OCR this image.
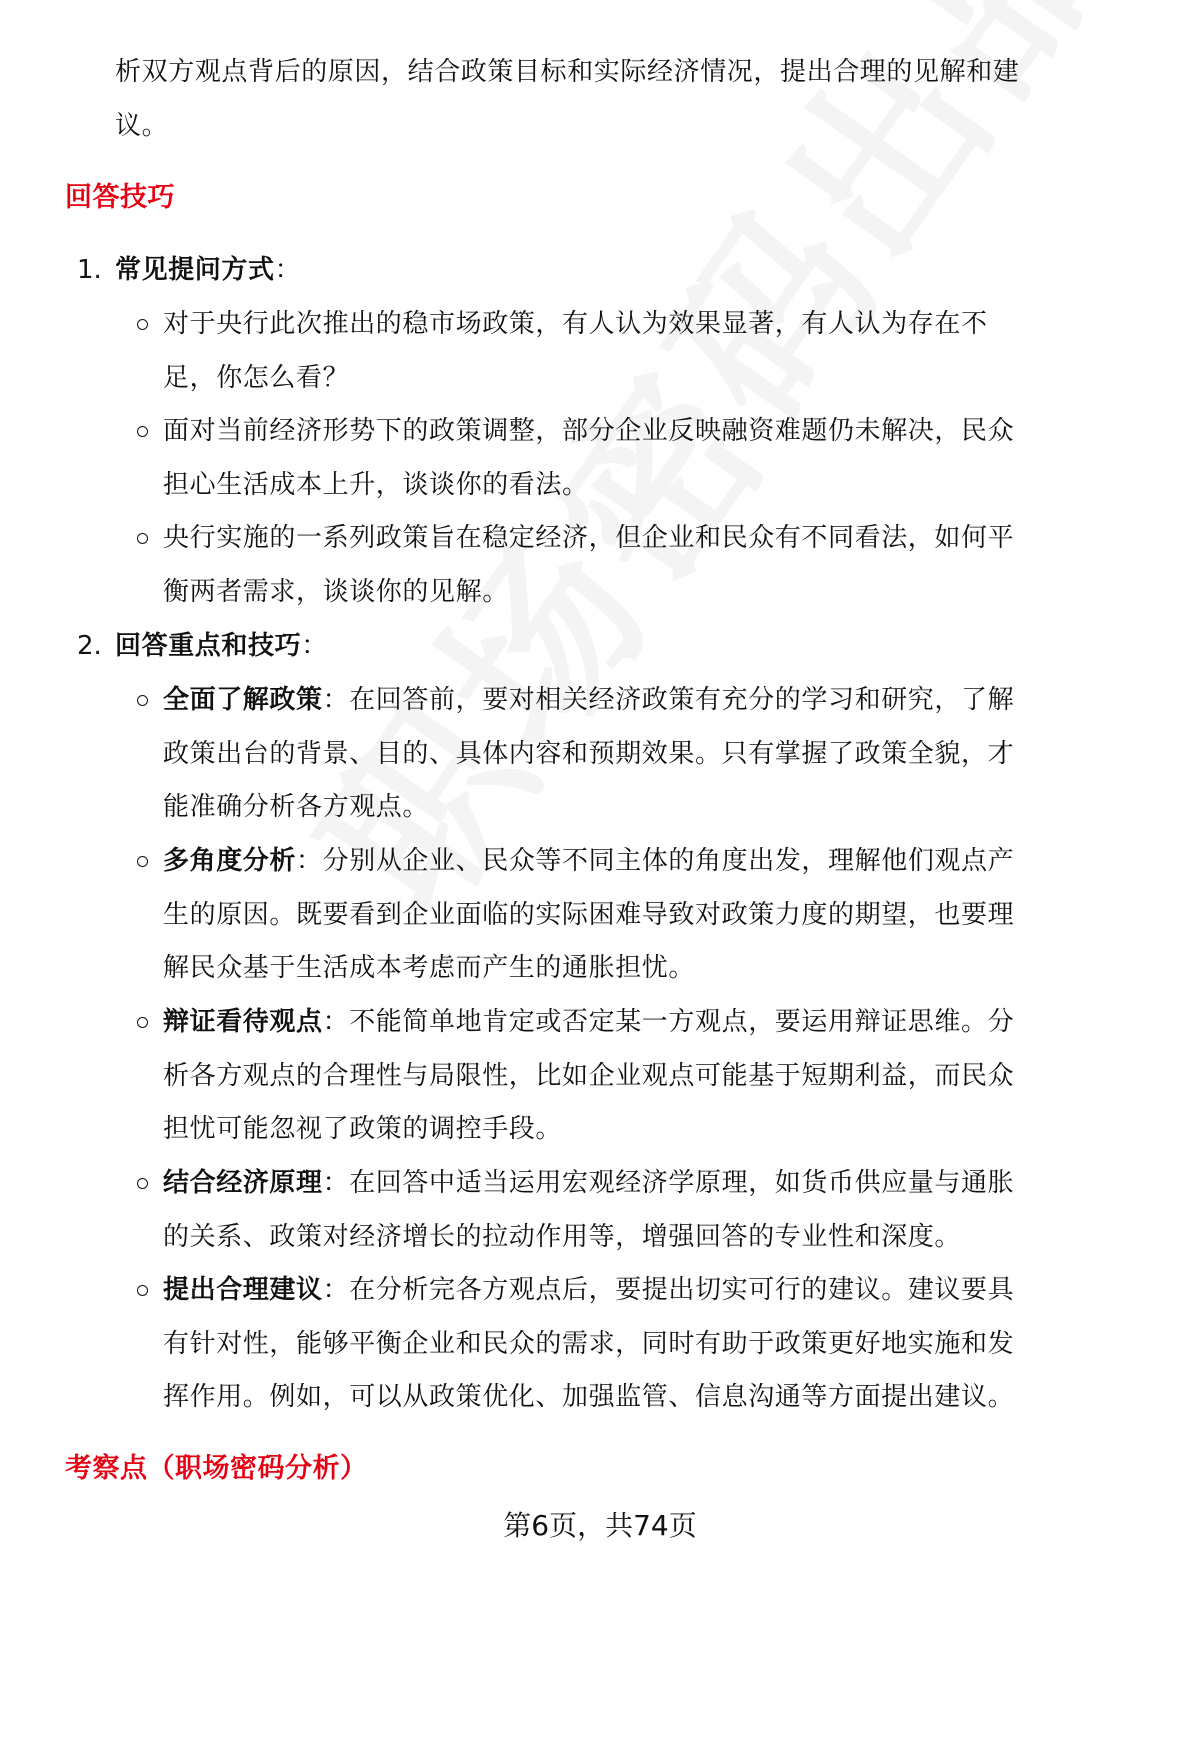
析双方观点背后的原因，结合政策目标和实际经济情况，提出合理的见解和建
议。
回答技巧
1. 常见提问方式：
对于央行此次推出的稳市场政策，有人认为效果显著，有人认为存在不
足，你怎么看？
面对当前经济形势下的政策调整，部分企业反映融资难题仍未解决，民众
担心生活成本上升，谈谈你的看法。
央行实施的一系列政策旨在稳定经济，但企业和民众有不同看法，如何平
衡两者需求，谈谈你的见解。
2. 回答重点和技巧：
全面了解政策：在回答前，要对相关经济政策有充分的学习和研究，了解
政策出台的背景、目的、具体内容和预期效果。只有掌握了政策全貌，才
能准确分析各方观点。
多角度分析：分别从企业、民众等不同主体的角度出发，理解他们观点产
生的原因。既要看到企业面临的实际困难导致对政策力度的期望，也要理
解民众基于生活成本考虑而产生的通胀担忧。
辩证看待观点：不能简单地肯定或否定某一方观点，要运用辩证思维。分
析各方观点的合理性与局限性，比如企业观点可能基于短期利益，而民众
担忧可能忽视了政策的调控手段。
结合经济原理：在回答中适当运用宏观经济学原理，如货币供应量与通胀
的关系、政策对经济增长的拉动作用等，增强回答的专业性和深度。
提出合理建议：在分析完各方观点后，要提出切实可行的建议。建议要具
有针对性，能够平衡企业和民众的需求，同时有助于政策更好地实施和发
挥作用。例如，可以从政策优化、加强监管、信息沟通等方面提出建议。
考察点（职场密码分析）
第6页，共74页
